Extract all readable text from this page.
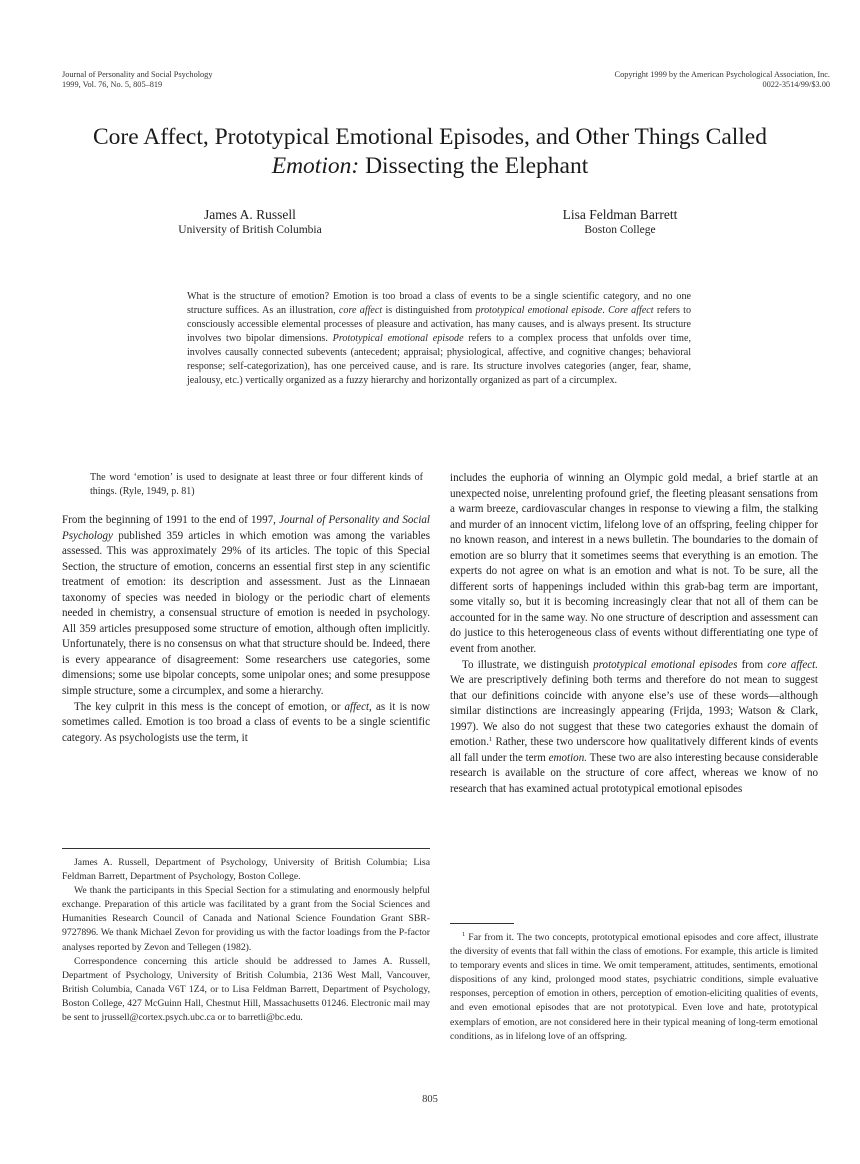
Journal of Personality and Social Psychology
1999, Vol. 76, No. 5, 805–819
Copyright 1999 by the American Psychological Association, Inc.
0022-3514/99/$3.00
Core Affect, Prototypical Emotional Episodes, and Other Things Called
Emotion: Dissecting the Elephant
James A. Russell
University of British Columbia
Lisa Feldman Barrett
Boston College
What is the structure of emotion? Emotion is too broad a class of events to be a single scientific category, and no one structure suffices. As an illustration, core affect is distinguished from prototypical emotional episode. Core affect refers to consciously accessible elemental processes of pleasure and activation, has many causes, and is always present. Its structure involves two bipolar dimensions. Prototypical emotional episode refers to a complex process that unfolds over time, involves causally connected subevents (antecedent; appraisal; physiological, affective, and cognitive changes; behavioral response; self-categorization), has one perceived cause, and is rare. Its structure involves categories (anger, fear, shame, jealousy, etc.) vertically organized as a fuzzy hierarchy and horizontally organized as part of a circumplex.
The word ‘emotion’ is used to designate at least three or four different kinds of things. (Ryle, 1949, p. 81)

From the beginning of 1991 to the end of 1997, Journal of Personality and Social Psychology published 359 articles in which emotion was among the variables assessed. This was approximately 29% of its articles. The topic of this Special Section, the structure of emotion, concerns an essential first step in any scientific treatment of emotion: its description and assessment. Just as the Linnaean taxonomy of species was needed in biology or the periodic chart of elements needed in chemistry, a consensual structure of emotion is needed in psychology. All 359 articles presupposed some structure of emotion, although often implicitly. Unfortunately, there is no consensus on what that structure should be. Indeed, there is every appearance of disagreement: Some researchers use categories, some dimensions; some use bipolar concepts, some unipolar ones; and some presuppose simple structure, some a circumplex, and some a hierarchy.

The key culprit in this mess is the concept of emotion, or affect, as it is now sometimes called. Emotion is too broad a class of events to be a single scientific category. As psychologists use the term, it

James A. Russell, Department of Psychology, University of British Columbia; Lisa Feldman Barrett, Department of Psychology, Boston College.

We thank the participants in this Special Section for a stimulating and enormously helpful exchange. Preparation of this article was facilitated by a grant from the Social Sciences and Humanities Research Council of Canada and National Science Foundation Grant SBR-9727896. We thank Michael Zevon for providing us with the factor loadings from the P-factor analyses reported by Zevon and Tellegen (1982).

Correspondence concerning this article should be addressed to James A. Russell, Department of Psychology, University of British Columbia, 2136 West Mall, Vancouver, British Columbia, Canada V6T 1Z4, or to Lisa Feldman Barrett, Department of Psychology, Boston College, 427 McGuinn Hall, Chestnut Hill, Massachusetts 01246. Electronic mail may be sent to jrussell@cortex.psych.ubc.ca or to barretli@bc.edu.

includes the euphoria of winning an Olympic gold medal, a brief startle at an unexpected noise, unrelenting profound grief, the fleeting pleasant sensations from a warm breeze, cardiovascular changes in response to viewing a film, the stalking and murder of an innocent victim, lifelong love of an offspring, feeling chipper for no known reason, and interest in a news bulletin. The boundaries to the domain of emotion are so blurry that it sometimes seems that everything is an emotion. The experts do not agree on what is an emotion and what is not. To be sure, all the different sorts of happenings included within this grab-bag term are important, some vitally so, but it is becoming increasingly clear that not all of them can be accounted for in the same way. No one structure of description and assessment can do justice to this heterogeneous class of events without differentiating one type of event from another.

To illustrate, we distinguish prototypical emotional episodes from core affect. We are prescriptively defining both terms and therefore do not mean to suggest that our definitions coincide with anyone else’s use of these words—although similar distinctions are increasingly appearing (Frijda, 1993; Watson & Clark, 1997). We also do not suggest that these two categories exhaust the domain of emotion.$^1$ Rather, these two underscore how qualitatively different kinds of events all fall under the term emotion. These two are also interesting because considerable research is available on the structure of core affect, whereas we know of no research that has examined actual prototypical emotional episodes

$^1$ Far from it. The two concepts, prototypical emotional episodes and core affect, illustrate the diversity of events that fall within the class of emotions. For example, this article is limited to temporary events and slices in time. We omit temperament, attitudes, sentiments, emotional dispositions of any kind, prolonged mood states, psychiatric conditions, simple evaluative responses, perception of emotion in others, perception of emotion-eliciting qualities of events, and even emotional episodes that are not prototypical. Even love and hate, prototypical exemplars of emotion, are not considered here in their typical meaning of long-term emotional conditions, as in lifelong love of an offspring.

805
